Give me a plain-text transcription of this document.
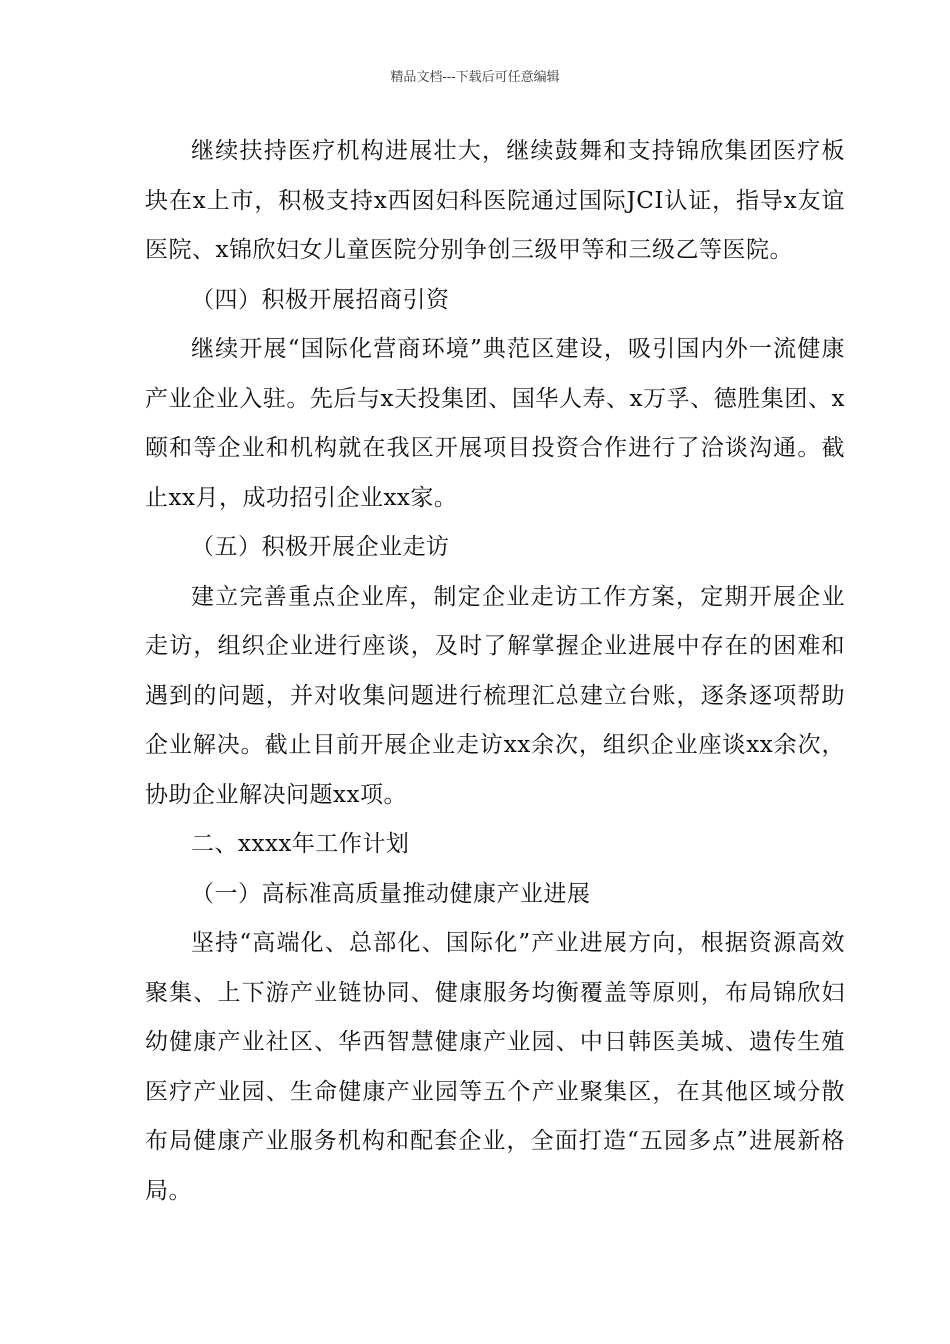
精品文档---下载后可任意编辑

继续扶持医疗机构进展壮大，继续鼓舞和支持锦欣集团医疗板块在x上市，积极支持x西囡妇科医院通过国际JCI认证，指导x友谊医院、x锦欣妇女儿童医院分别争创三级甲等和三级乙等医院。

（四）积极开展招商引资

继续开展“国际化营商环境”典范区建设，吸引国内外一流健康产业企业入驻。先后与x天投集团、国华人寿、x万孚、德胜集团、x颐和等企业和机构就在我区开展项目投资合作进行了洽谈沟通。截止xx月，成功招引企业xx家。

（五）积极开展企业走访

建立完善重点企业库，制定企业走访工作方案，定期开展企业走访，组织企业进行座谈，及时了解掌握企业进展中存在的困难和遇到的问题，并对收集问题进行梳理汇总建立台账，逐条逐项帮助企业解决。截止目前开展企业走访xx余次，组织企业座谈xx余次，协助企业解决问题xx项。

二、xxxx年工作计划

（一）高标准高质量推动健康产业进展

坚持“高端化、总部化、国际化”产业进展方向，根据资源高效聚集、上下游产业链协同、健康服务均衡覆盖等原则，布局锦欣妇幼健康产业社区、华西智慧健康产业园、中日韩医美城、遗传生殖医疗产业园、生命健康产业园等五个产业聚集区，在其他区域分散布局健康产业服务机构和配套企业，全面打造“五园多点”进展新格局。
